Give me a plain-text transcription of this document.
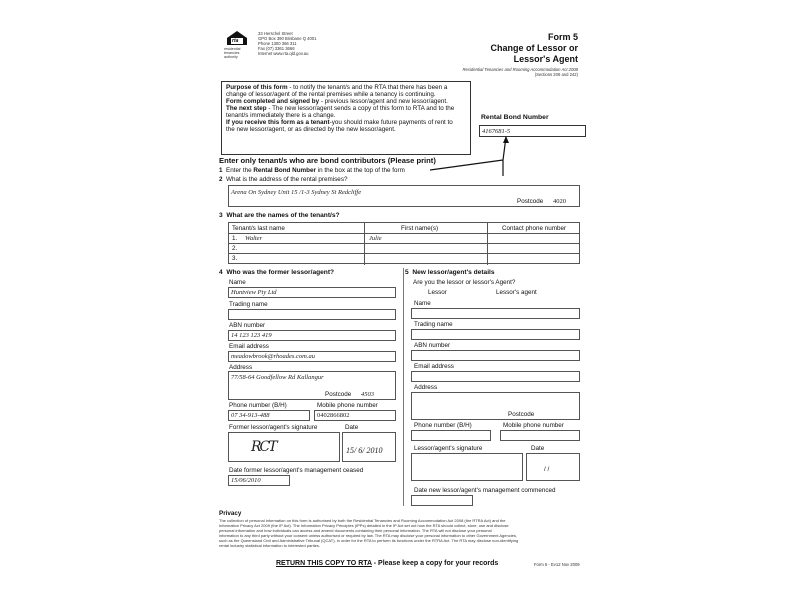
rta
residential tenancies authority
33 Herschel Street
GPO Box 390 Brisbane Q 4001
Phone 1300 366 311
Fax (07) 3361 3666
Internet www.rta.qld.gov.au
Form 5
Change of Lessor or
Lessor's Agent
Residential Tenancies and Rooming Accommodation Act 2008
(Sections 206 and 242)
Purpose of this form - to notify the tenant/s and the RTA that there has been a
change of lessor/agent of the rental premises while a tenancy is continuing.
Form completed and signed by - previous lessor/agent and new lessor/agent.
The next step - The new lessor/agent sends a copy of this form to RTA and to the
tenant/s immediately there is a change.
If you receive this form as a tenant-you should make future payments of rent to
the new lessor/agent, or as directed by the new lessor/agent.
Rental Bond Number
4167681-5
Enter only tenant/s who are bond contributors (Please print)
1 Enter the Rental Bond Number in the box at the top of the form
2 What is the address of the rental premises?
Arena On Sydney Unit 15 /1-3 Sydney St Redcliffe
Postcode 4020
3 What are the names of the tenant/s?
Tenant/s last name	First name(s)	Contact phone number
1. Walter	Julie
2.
3.
4 Who was the former lessor/agent?
Name
Huntview Pty Ltd
Trading name
ABN number
14 123 123 419
Email address
meadowbrook@rhoades.com.au
Address
77/58-64 Goodfellow Rd Kallangur
Postcode 4503
Phone number (B/H)	Mobile phone number
07 34-913-488	0402866802
Former lessor/agent's signature	Date
RCT	15/ 6/ 2010
Date former lessor/agent's management ceased
15/06/2010
5 New lessor/agent's details
Are you the lessor or lessor's Agent?
Lessor	Lessor's agent
Name
Trading name
ABN number
Email address
Address
Postcode
Phone number (B/H)	Mobile phone number
Lessor/agent's signature	Date
/ /
Date new lessor/agent's management commenced
Privacy
The collection of personal information on this form is authorised by both the Residential Tenancies and Rooming Accommodation Act 2008 (the RTRA Act) and the
Information Privacy Act 2009 (the IP Act). The Information Privacy Principles (IPPs) detailed in the IP Act set out how the RTA should collect, store, use and disclose
personal information and how individuals can access and amend documents containing their personal information. The RTA will not disclose your personal
information to any third party without your consent unless authorised or required by law. The RTA may disclose your personal information to other Government Agencies,
such as the Queensland Civil and Administrative Tribunal (QCAT), in order for the RTA to perform its functions under the RTRA Act. The RTA may disclose non-identifying
rental industry statistical information to interested parties.
RETURN THIS COPY TO RTA - Please keep a copy for your records	Form 5 - Ev12 Nov 2009
